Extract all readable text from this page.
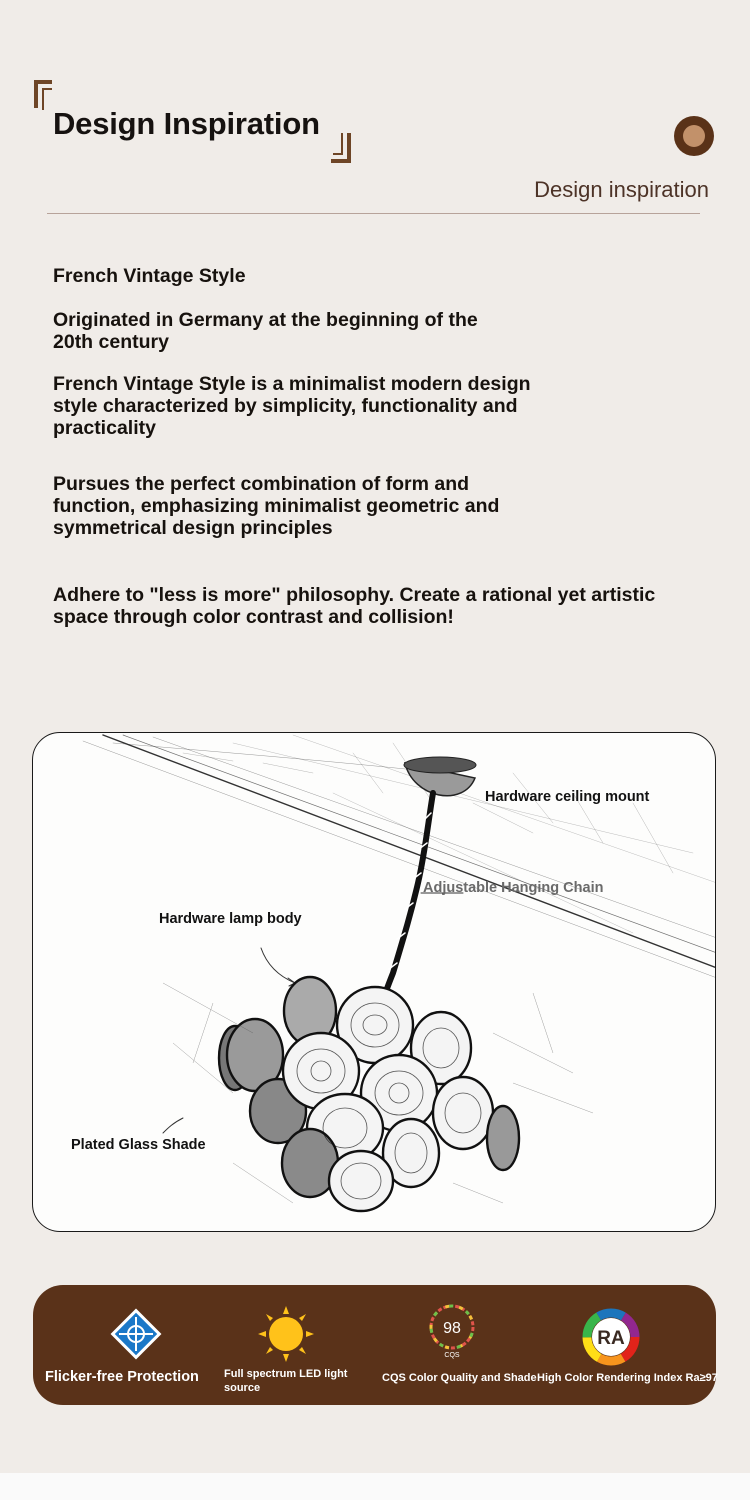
Design Inspiration
Design inspiration
French Vintage Style
Originated in Germany at the beginning of the
20th century
French Vintage Style is a minimalist modern design
style characterized by simplicity, functionality and
practicality
Pursues the perfect combination of form and
function, emphasizing minimalist geometric and
symmetrical design principles
Adhere to "less is more" philosophy. Create a rational yet artistic
space through color contrast and collision!
Hardware ceiling mount
Adjustable Hanging Chain
Hardware lamp body
Plated Glass Shade
Flicker-free Protection Full spectrum LED light
source
98
CQS
CQS Color Quality and Shade
RA
High Color Rendering Index Ra≥97
